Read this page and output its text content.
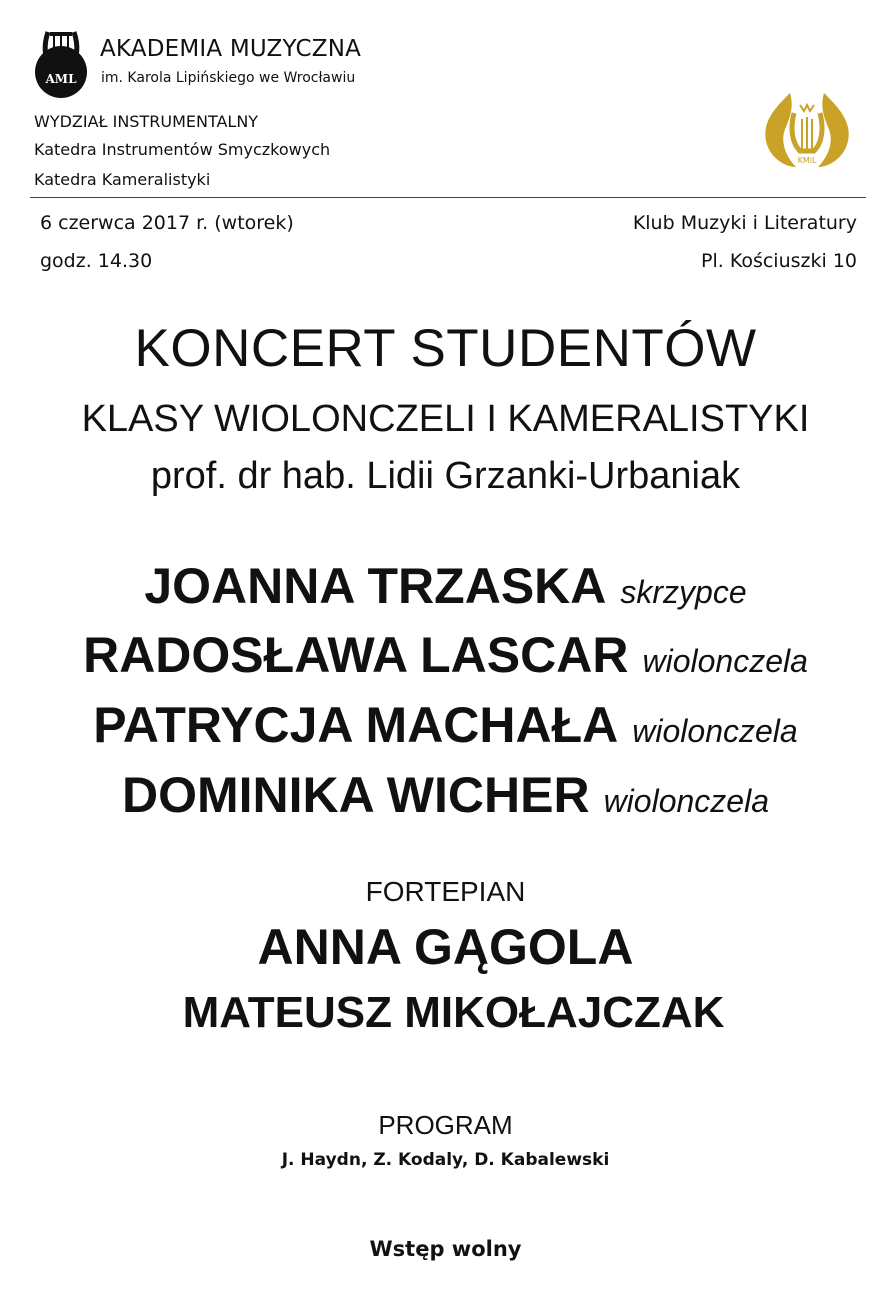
AML
AKADEMIA MUZYCZNA
im. Karola Lipińskiego we Wrocławiu
WYDZIAŁ INSTRUMENTALNY
Katedra Instrumentów Smyczkowych
Katedra Kameralistyki
KMiL
6 czerwca 2017 r. (wtorek)
godz. 14.30
Klub Muzyki i Literatury
Pl. Kościuszki 10
KONCERT STUDENTÓW
KLASY WIOLONCZELI I KAMERALISTYKI
prof. dr hab. Lidii Grzanki-Urbaniak
JOANNA TRZASKA skrzypce
RADOSŁAWA LASCAR wiolonczela
PATRYCJA MACHAŁA wiolonczela
DOMINIKA WICHER wiolonczela
FORTEPIAN
ANNA GĄGOLA
MATEUSZ MIKOŁAJCZAK
PROGRAM
J. Haydn, Z. Kodaly, D. Kabalewski
Wstęp wolny
